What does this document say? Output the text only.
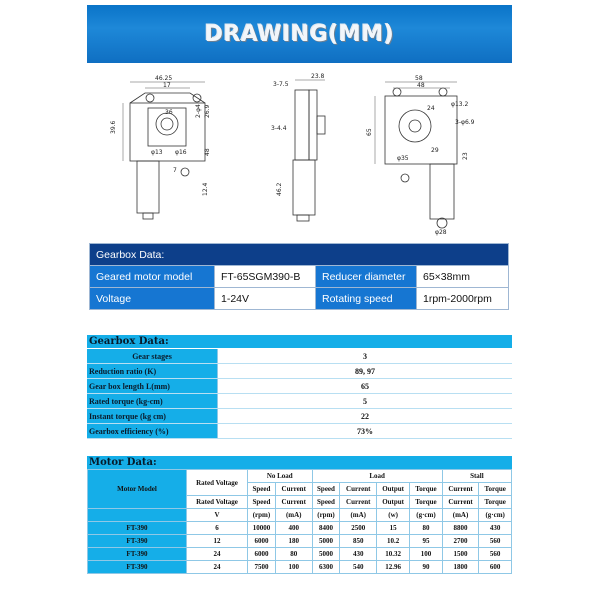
DRAWING(MM)
46.25
17
39.6
2-φ4 26.9
36
φ13 φ16	48
7
12.4	46.2
3-7.5
23.8
3-4.4
58
48
24
φ13.2
3-φ6.9
65
φ35
29
23
φ28
Gearbox Data:			
Geared motor model	FT-65SGM390-B	Reducer diameter	65×38mm
Voltage	1-24V	Rotating speed	1rpm-2000rpm
Gearbox Data:
Gear stages	3
Reduction ratio (K)	89, 97
Gear box length L(mm)	65
Rated torque (kg-cm)	5
Instant torque (kg cm)	22
Gearbox efficiency (%)	73%
Motor Data:
Motor Model	Rated Voltage	No Load		Load				Stall	
		Speed	Current	Speed	Current	Output	Torque	Current	Torque
	Rated Voltage	Speed	Current	Speed	Current	Output	Torque	Current	Torque
	V	(rpm)	(mA)	(rpm)	(mA)	(w)	(g·cm)	(mA)	(g·cm)
FT-390	6	10000	400	8400	2500	15	80	8800	430
FT-390	12	6000	180	5000	850	10.2	95	2700	560
FT-390	24	6000	80	5000	430	10.32	100	1500	560
FT-390	24	7500	100	6300	540	12.96	90	1800	600
